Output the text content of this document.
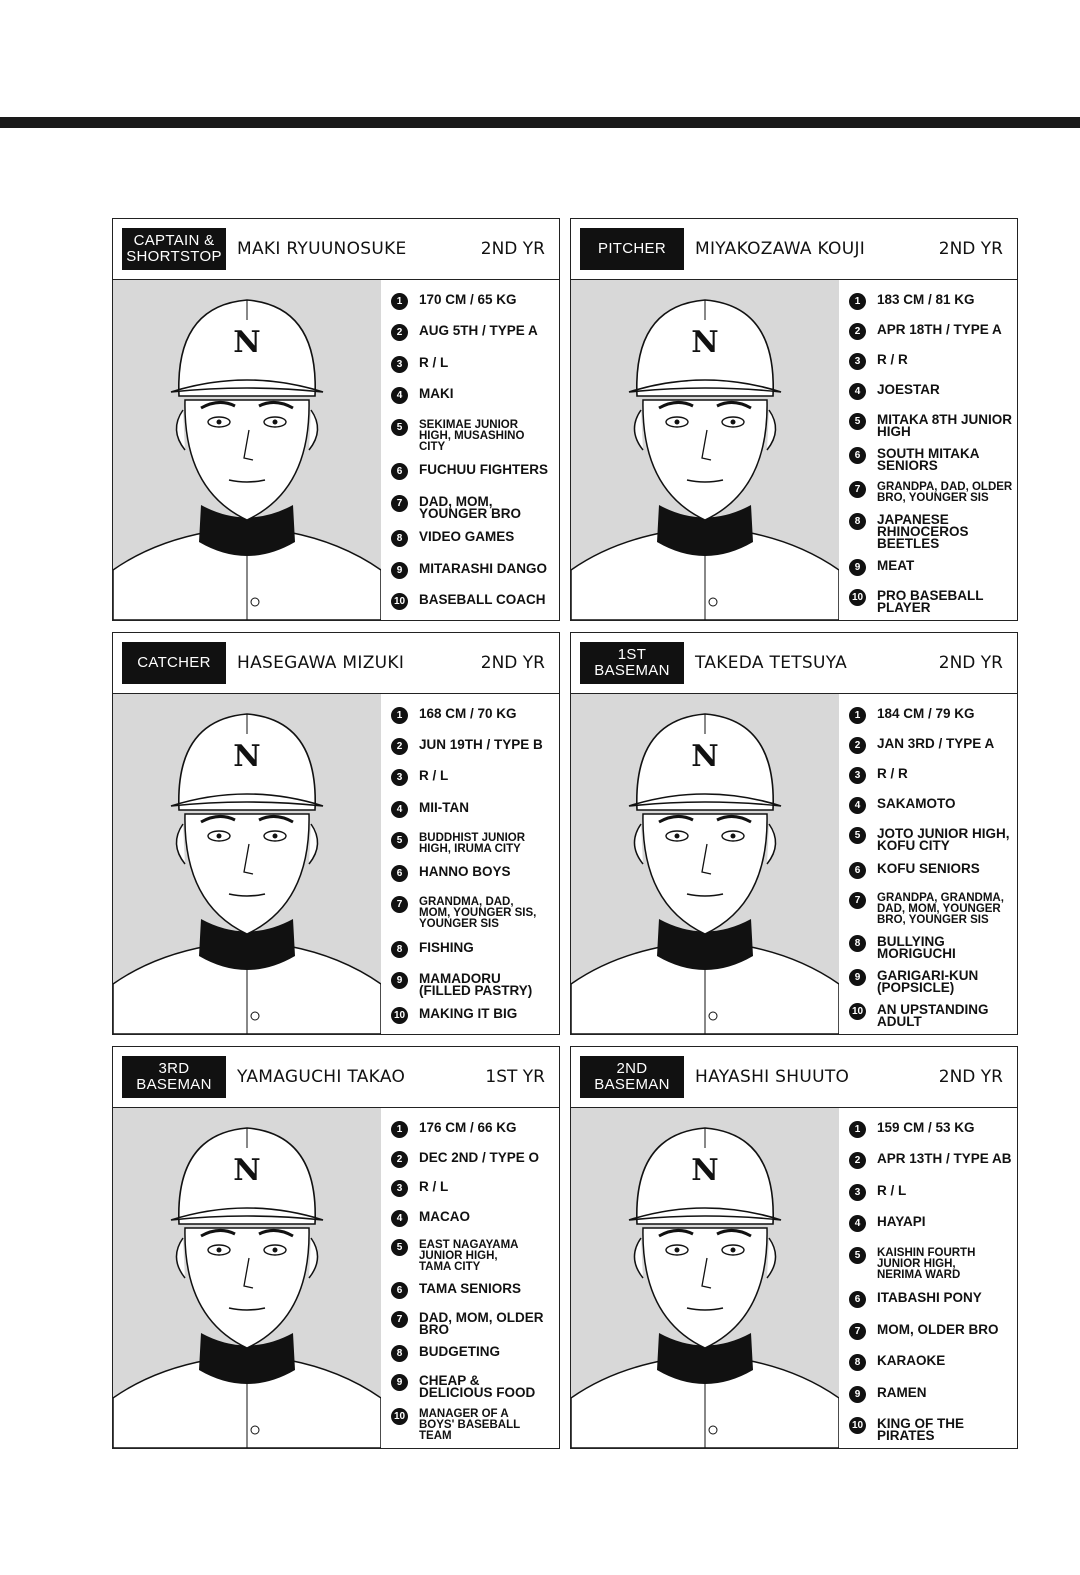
CAPTAIN &
SHORTSTOP MAKI RYUUNOSUKE	2ND YR
N
1	170 CM / 65 KG
2	AUG 5TH / TYPE A
3	R / L
4	MAKI
5	SEKIMAE JUNIOR
HIGH, MUSASHINO
CITY
6	FUCHUU FIGHTERS
7	DAD, MOM,
YOUNGER BRO
8	VIDEO GAMES
9	MITARASHI DANGO
10 BASEBALL COACH
PITCHER	MIYAKOZAWA KOUJI	2ND YR
N
1	183 CM / 81 KG
2	APR 18TH / TYPE A
3	R / R
4	JOESTAR
5	MITAKA 8TH JUNIOR
HIGH
6	SOUTH MITAKA
SENIORS
7	GRANDPA, DAD, OLDER
BRO, YOUNGER SIS
8	JAPANESE RHINOCEROS
BEETLES
9	MEAT
10 PRO BASEBALL
PLAYER
CATCHER	HASEGAWA MIZUKI	2ND YR
N
1	168 CM / 70 KG
2	JUN 19TH / TYPE B
3	R / L
4	MII-TAN
5	BUDDHIST JUNIOR
HIGH, IRUMA CITY
6	HANNO BOYS
7	GRANDMA, DAD,
MOM, YOUNGER SIS,
YOUNGER SIS
8	FISHING
9	MAMADORU
(FILLED PASTRY)
10 MAKING IT BIG
1ST
BASEMAN	TAKEDA TETSUYA	2ND YR
N
1	184 CM / 79 KG
2	JAN 3RD / TYPE A
3	R / R
4	SAKAMOTO
5	JOTO JUNIOR HIGH,
KOFU CITY
6	KOFU SENIORS
7	GRANDPA, GRANDMA,
DAD, MOM, YOUNGER
BRO, YOUNGER SIS
8	BULLYING
MORIGUCHI
9	GARIGARI-KUN
(POPSICLE)
10 AN UPSTANDING
ADULT
3RD
BASEMAN	YAMAGUCHI TAKAO	1ST YR
N
1	176 CM / 66 KG
2	DEC 2ND / TYPE O
3	R / L
4	MACAO
5	EAST NAGAYAMA
JUNIOR HIGH,
TAMA CITY
6	TAMA SENIORS
7	DAD, MOM, OLDER
BRO
8	BUDGETING
9	CHEAP &
DELICIOUS FOOD
10 MANAGER OF A
BOYS' BASEBALL
TEAM
2ND
BASEMAN	HAYASHI SHUUTO	2ND YR
N
1	159 CM / 53 KG
2	APR 13TH / TYPE AB
3	R / L
4	HAYAPI
5	KAISHIN FOURTH
JUNIOR HIGH,
NERIMA WARD
6	ITABASHI PONY
7	MOM, OLDER BRO
8	KARAOKE
9	RAMEN
10 KING OF THE
PIRATES
